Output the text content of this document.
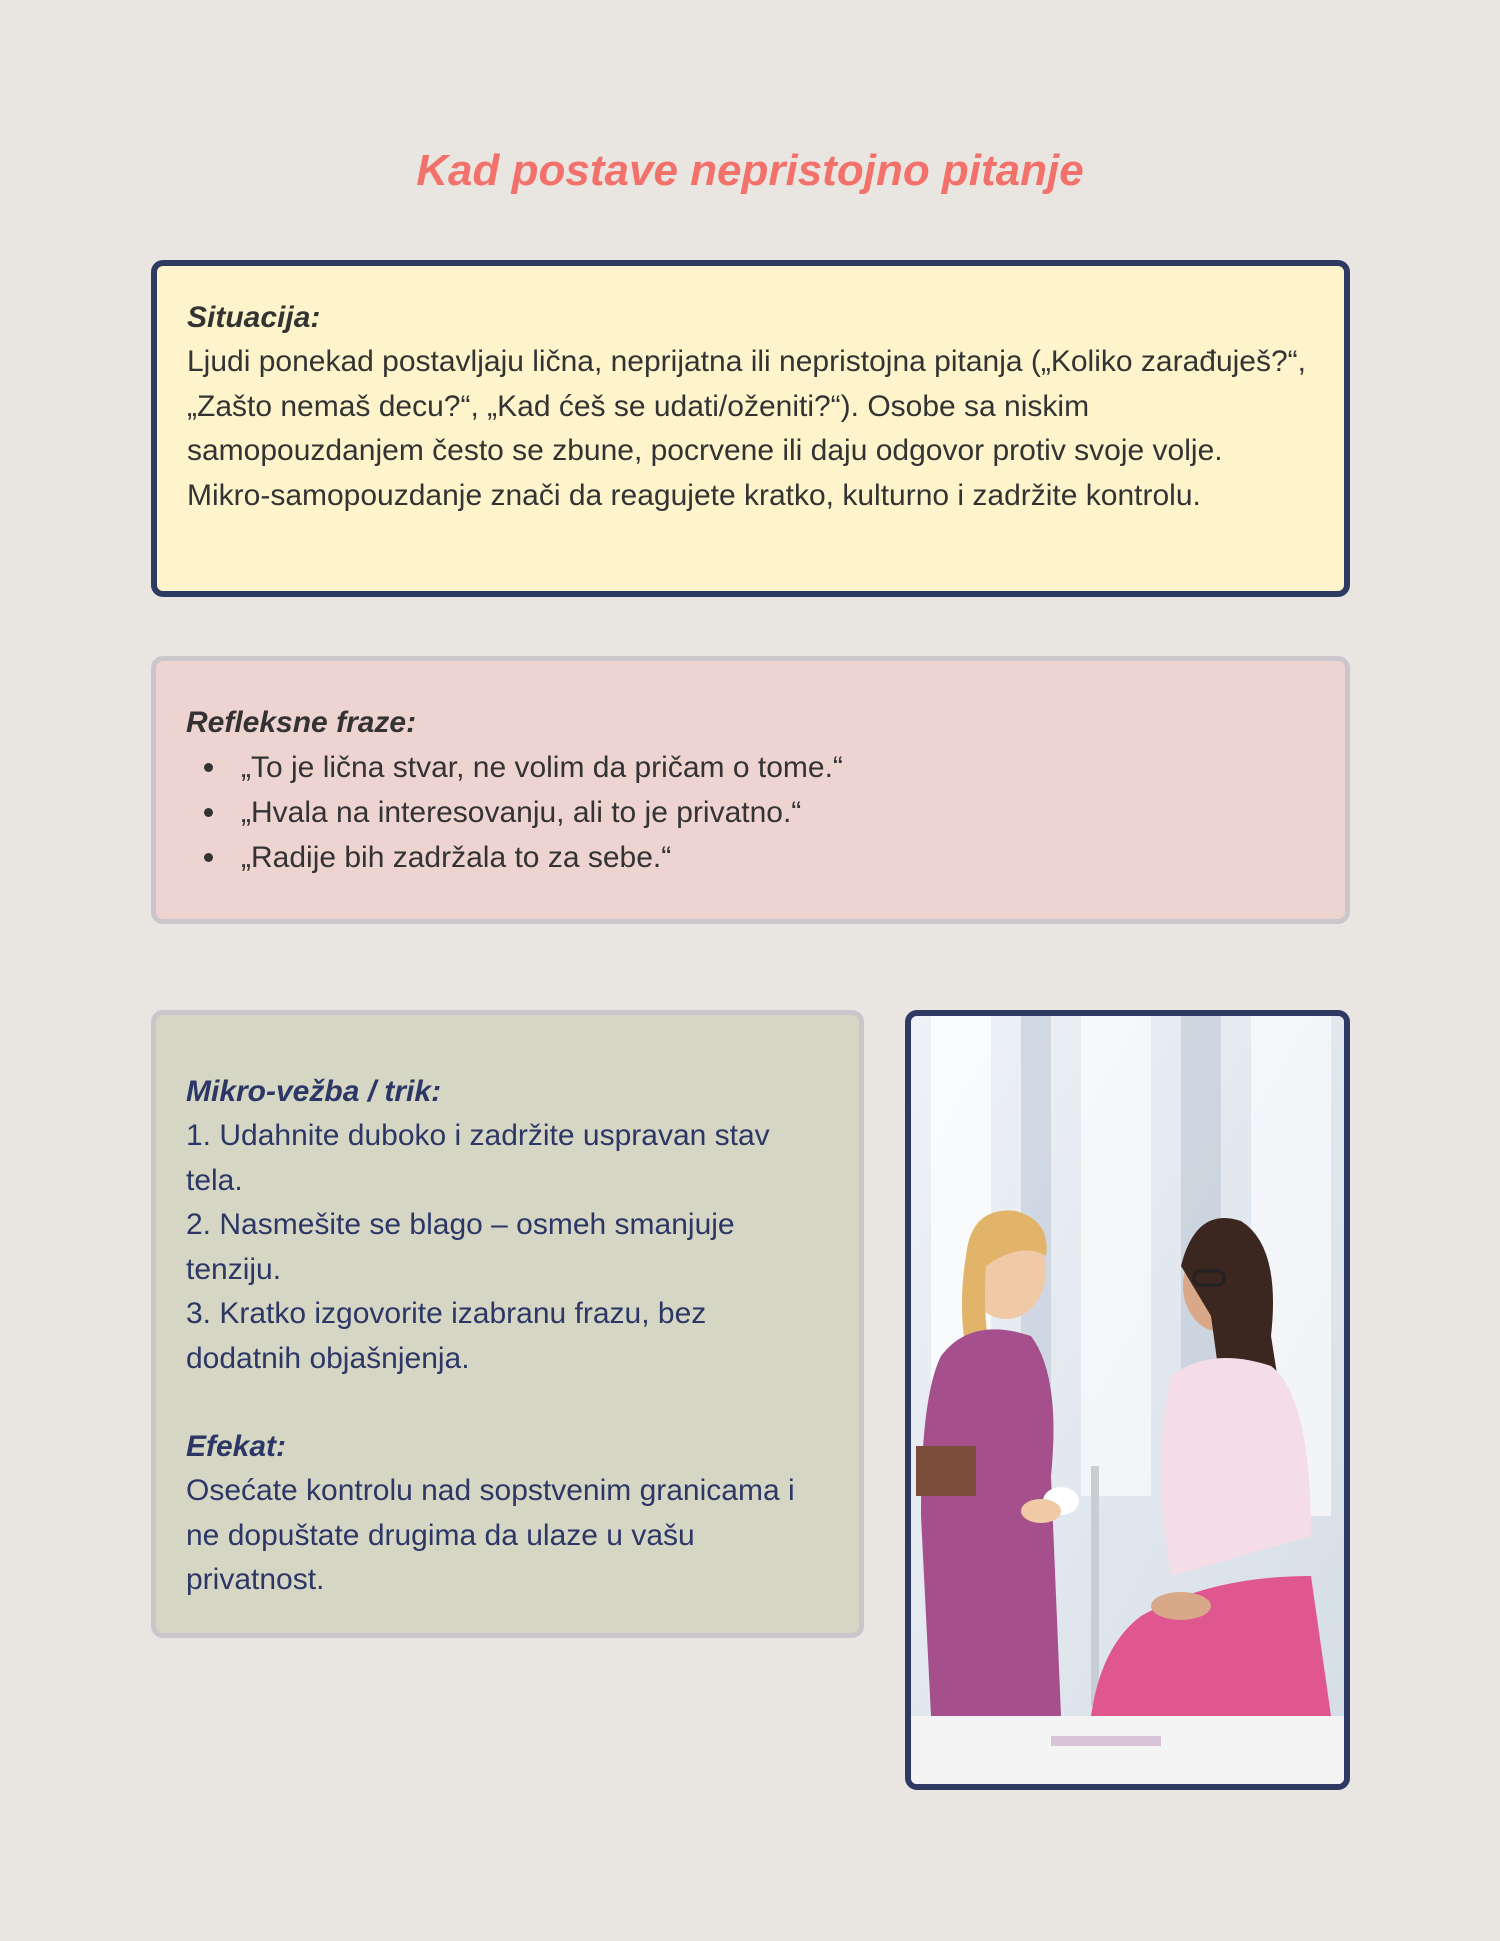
Kad postave nepristojno pitanje
Situacija:
Ljudi ponekad postavljaju lična, neprijatna ili nepristojna pitanja („Koliko zarađuješ?“, „Zašto nemaš decu?“, „Kad ćeš se udati/oženiti?“). Osobe sa niskim samopouzdanjem često se zbune, pocrvene ili daju odgovor protiv svoje volje. Mikro-samopouzdanje znači da reagujete kratko, kulturno i zadržite kontrolu.
Refleksne fraze:
„To je lična stvar, ne volim da pričam o tome.“
„Hvala na interesovanju, ali to je privatno.“
„Radije bih zadržala to za sebe.“
Mikro-vežba / trik:
1. Udahnite duboko i zadržite uspravan stav tela.
2. Nasmešite se blago – osmeh smanjuje tenziju.
3. Kratko izgovorite izabranu frazu, bez dodatnih objašnjenja.
Efekat:
Osećate kontrolu nad sopstvenim granicama i ne dopuštate drugima da ulaze u vašu privatnost.
